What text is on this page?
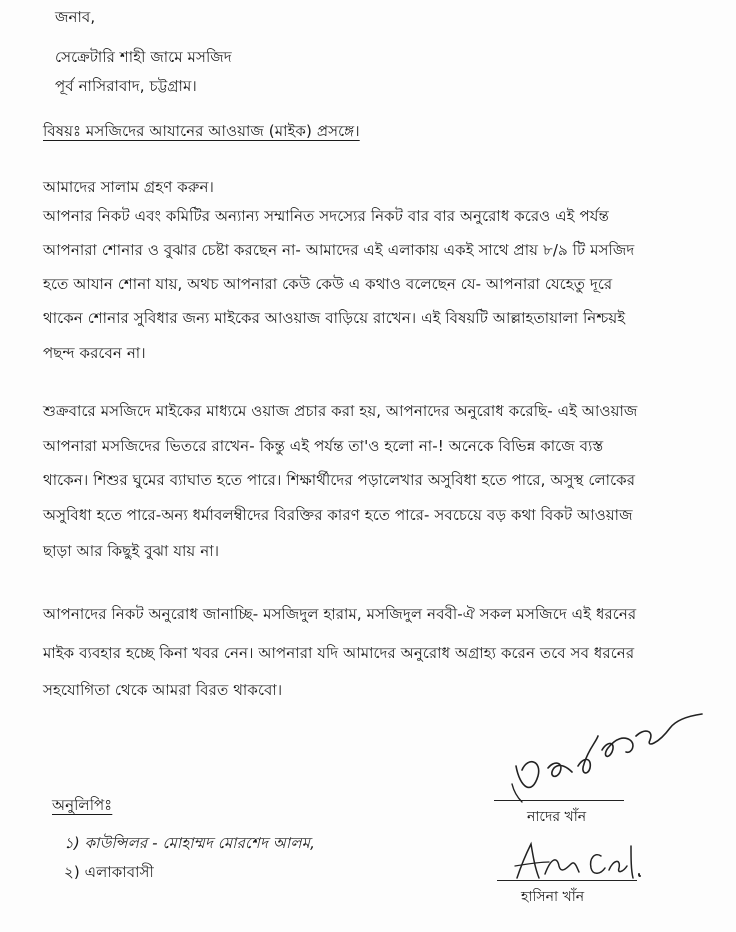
জনাব,
সেক্রেটারি শাহী জামে মসজিদ
পূর্ব নাসিরাবাদ, চট্টগ্রাম।
বিষয়ঃ মসজিদের আযানের আওয়াজ (মাইক) প্রসঙ্গে।
আমাদের সালাম গ্রহণ করুন।
আপনার নিকট এবং কমিটির অন্যান্য সম্মানিত সদস্যের নিকট বার বার অনুরোধ করেও এই পর্যন্ত
আপনারা শোনার ও বুঝার চেষ্টা করছেন না- আমাদের এই এলাকায় একই সাথে প্রায় ৮/৯ টি মসজিদ
হতে আযান শোনা যায়, অথচ আপনারা কেউ কেউ এ কথাও বলেছেন যে- আপনারা যেহেতু দূরে
থাকেন শোনার সুবিধার জন্য মাইকের আওয়াজ বাড়িয়ে রাখেন। এই বিষয়টি আল্লাহতায়ালা নিশ্চয়ই
পছন্দ করবেন না।
শুক্রবারে মসজিদে মাইকের মাধ্যমে ওয়াজ প্রচার করা হয়, আপনাদের অনুরোধ করেছি- এই আওয়াজ
আপনারা মসজিদের ভিতরে রাখেন- কিন্তু এই পর্যন্ত তা'ও হলো না-! অনেকে বিভিন্ন কাজে ব্যস্ত
থাকেন। শিশুর ঘুমের ব্যাঘাত হতে পারে। শিক্ষার্থীদের পড়ালেখার অসুবিধা হতে পারে, অসুস্থ লোকের
অসুবিধা হতে পারে-অন্য ধর্মাবলম্বীদের বিরক্তির কারণ হতে পারে- সবচেয়ে বড় কথা বিকট আওয়াজ
ছাড়া আর কিছুই বুঝা যায় না।
আপনাদের নিকট অনুরোধ জানাচ্ছি- মসজিদুল হারাম, মসজিদুল নববী-ঐ সকল মসজিদে এই ধরনের
মাইক ব্যবহার হচ্ছে কিনা খবর নেন। আপনারা যদি আমাদের অনুরোধ অগ্রাহ্য করেন তবে সব ধরনের
সহযোগিতা থেকে আমরা বিরত থাকবো।
অনুলিপিঃ
১) কাউন্সিলর - মোহাম্মদ মোরশেদ আলম,
২) এলাকাবাসী
নাদের খাঁন
হাসিনা খাঁন
